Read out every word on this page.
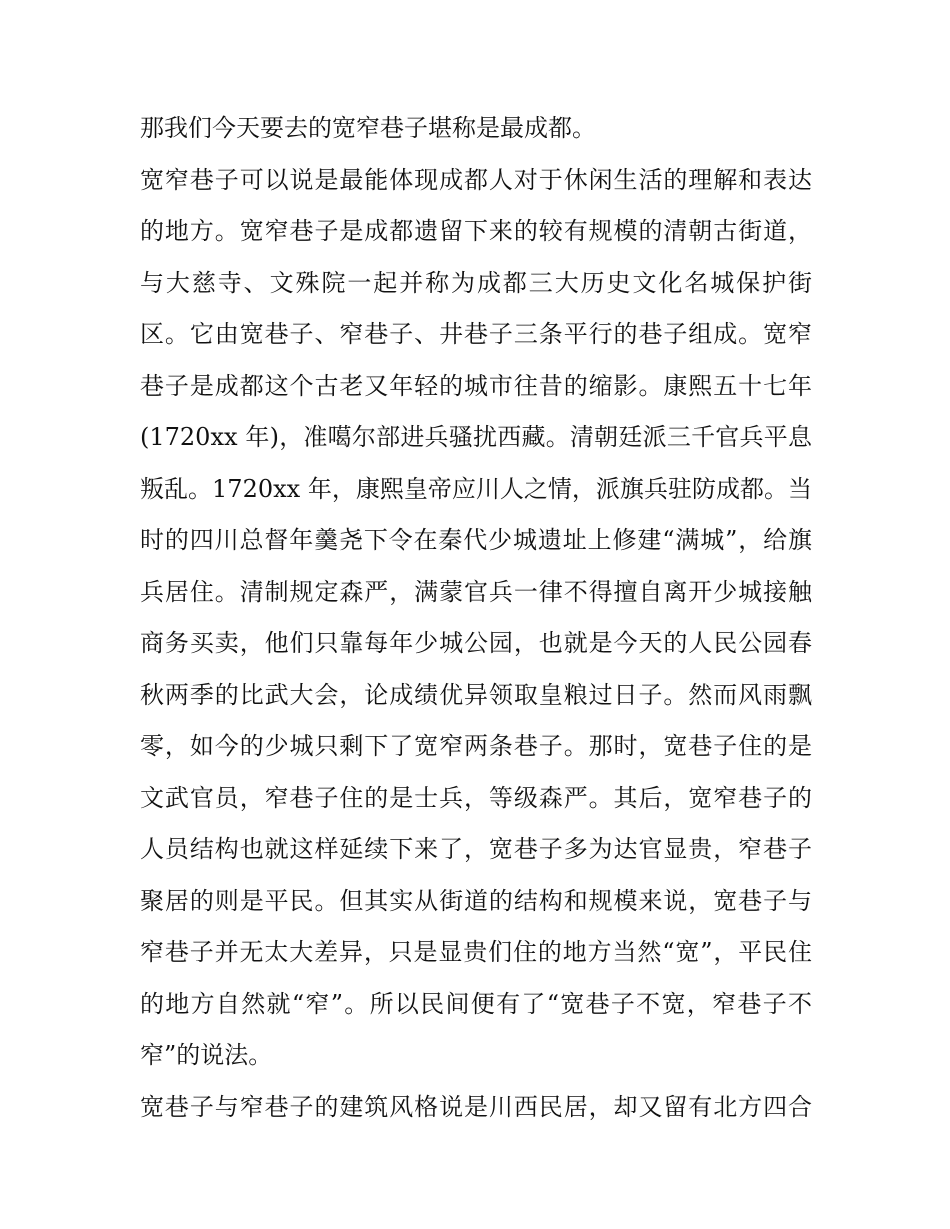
那我们今天要去的宽窄巷子堪称是最成都。
宽窄巷子可以说是最能体现成都人对于休闲生活的理解和表达
的地方。宽窄巷子是成都遗留下来的较有规模的清朝古街道，
与大慈寺、文殊院一起并称为成都三大历史文化名城保护街
区。它由宽巷子、窄巷子、井巷子三条平行的巷子组成。宽窄
巷子是成都这个古老又年轻的城市往昔的缩影。康熙五十七年
(1720xx 年)，准噶尔部进兵骚扰西藏。清朝廷派三千官兵平息
叛乱。1720xx 年，康熙皇帝应川人之情，派旗兵驻防成都。当
时的四川总督年羹尧下令在秦代少城遗址上修建“满城”，给旗
兵居住。清制规定森严，满蒙官兵一律不得擅自离开少城接触
商务买卖，他们只靠每年少城公园，也就是今天的人民公园春
秋两季的比武大会，论成绩优异领取皇粮过日子。然而风雨飘
零，如今的少城只剩下了宽窄两条巷子。那时，宽巷子住的是
文武官员，窄巷子住的是士兵，等级森严。其后，宽窄巷子的
人员结构也就这样延续下来了，宽巷子多为达官显贵，窄巷子
聚居的则是平民。但其实从街道的结构和规模来说，宽巷子与
窄巷子并无太大差异，只是显贵们住的地方当然“宽”，平民住
的地方自然就“窄”。所以民间便有了“宽巷子不宽，窄巷子不
窄”的说法。
宽巷子与窄巷子的建筑风格说是川西民居，却又留有北方四合
